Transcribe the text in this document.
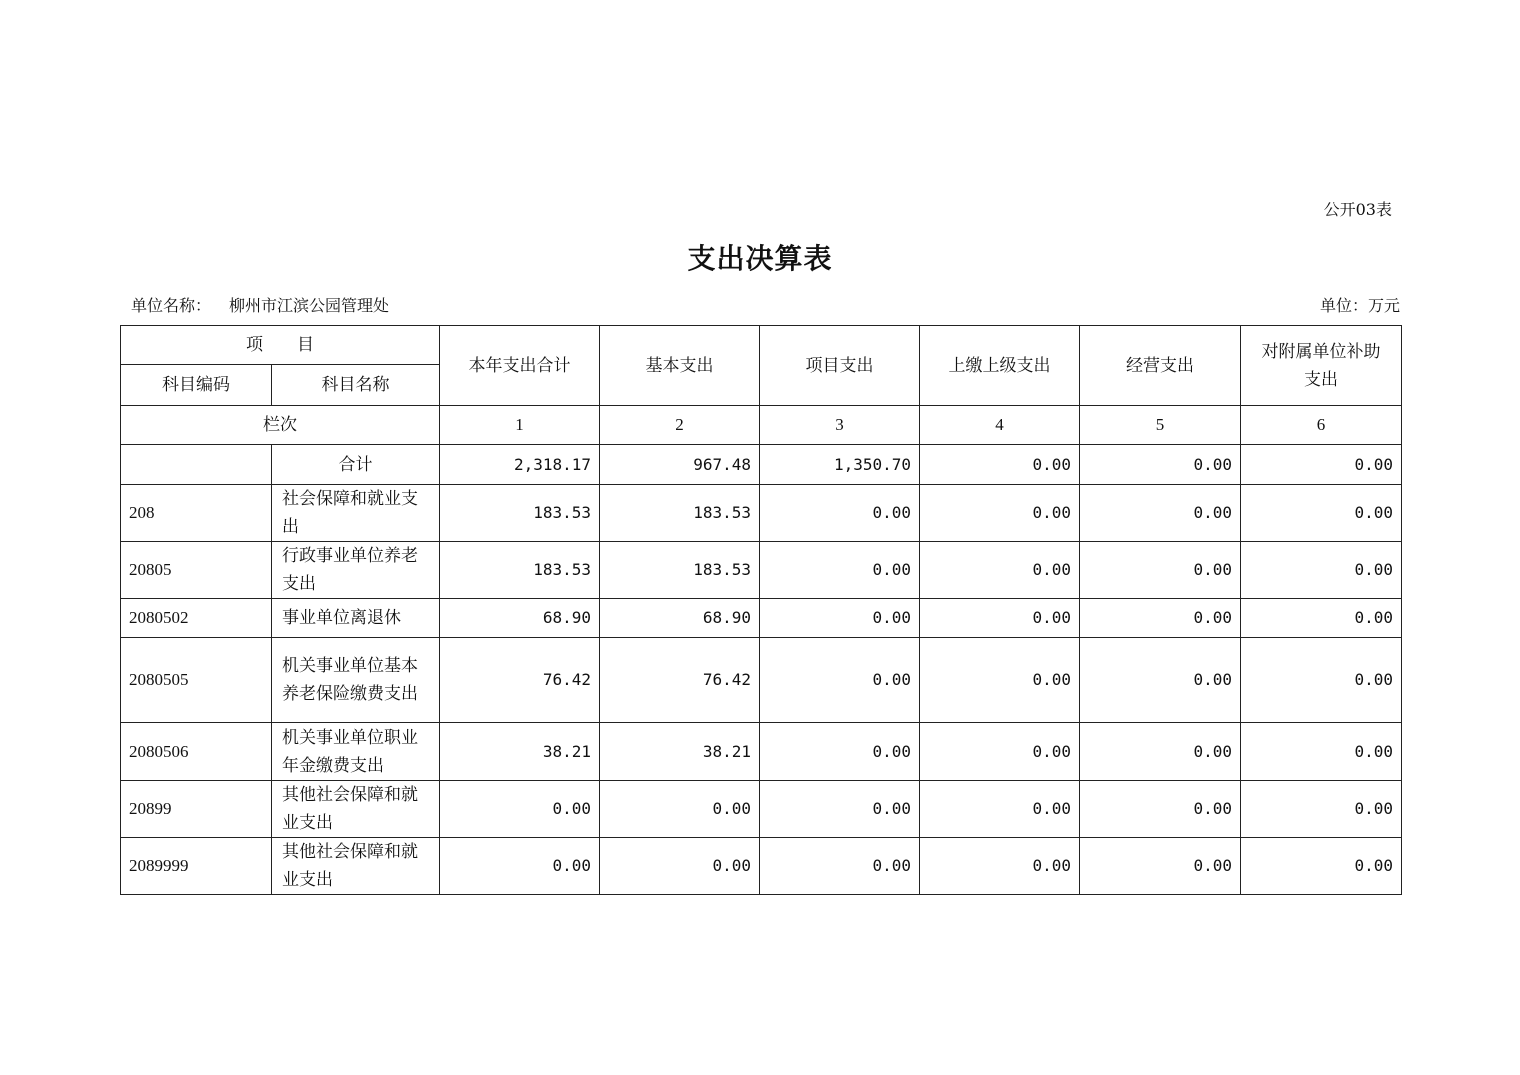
公开03表
支出决算表
单位名称： 柳州市江滨公园管理处	单位：万元
项　　目		本年支出合计	基本支出	项目支出	上缴上级支出	经营支出	对附属单位补助支出
科目编码	科目名称						
栏次		1	2	3	4	5	6
	合计	2,318.17	967.48	1,350.70	0.00	0.00	0.00
208	社会保障和就业支出	183.53	183.53	0.00	0.00	0.00	0.00
20805	行政事业单位养老支出	183.53	183.53	0.00	0.00	0.00	0.00
2080502	事业单位离退休	68.90	68.90	0.00	0.00	0.00	0.00
2080505	机关事业单位基本养老保险缴费支出	76.42	76.42	0.00	0.00	0.00	0.00
2080506	机关事业单位职业年金缴费支出	38.21	38.21	0.00	0.00	0.00	0.00
20899	其他社会保障和就业支出	0.00	0.00	0.00	0.00	0.00	0.00
2089999	其他社会保障和就业支出	0.00	0.00	0.00	0.00	0.00	0.00
